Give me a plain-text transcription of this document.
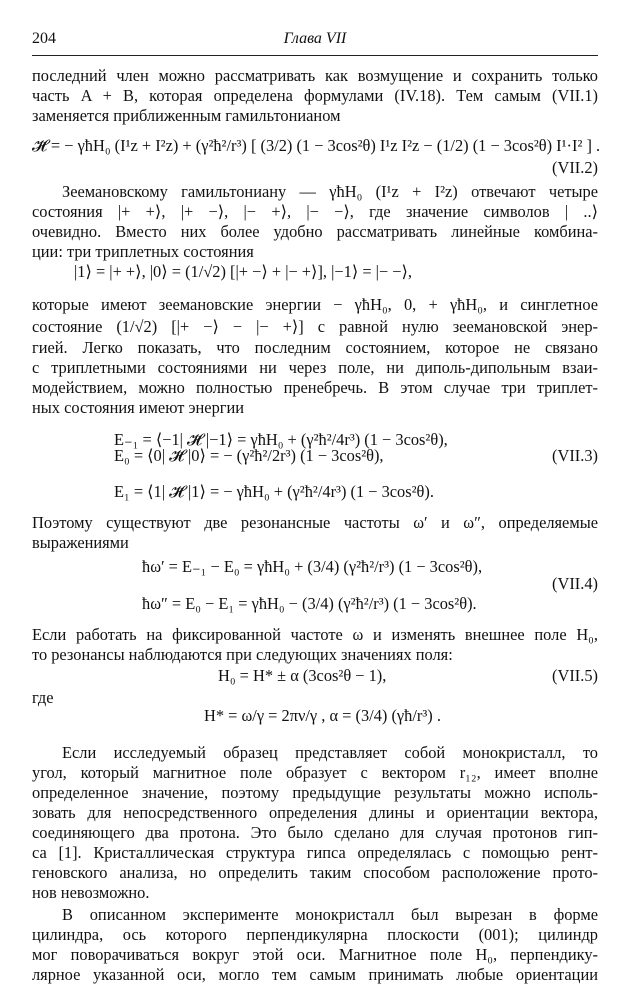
204	Глава VII
последний член можно рассматривать как возмущение и сохранить только
часть A + B, которая определена формулами (IV.18). Тем самым (VII.1)
заменяется приближенным гамильтонианом
𝓗̃ = − γħH₀ (I¹z + I²z) + (γ²ħ²/r³) [ (3/2) (1 − 3cos²θ) I¹z I²z − (1/2) (1 − 3cos²θ) I¹·I² ] .
(VII.2)
Зеемановскому гамильтониану — γħH₀ (I¹z + I²z) отвечают четыре
состояния |+ +⟩, |+ −⟩, |− +⟩, |− −⟩, где значение символов | ..⟩
очевидно. Вместо них более удобно рассматривать линейные комбина-
ции: три триплетных состояния
|1⟩ = |+ +⟩, |0⟩ = (1/√2) [|+ −⟩ + |− +⟩], |−1⟩ = |− −⟩,
которые имеют зеемановские энергии − γħH₀, 0, + γħH₀, и синглетное
состояние (1/√2) [|+ −⟩ − |− +⟩] с равной нулю зеемановской энер-
гией. Легко показать, что последним состоянием, которое не связано
с триплетными состояниями ни через поле, ни диполь-дипольным взаи-
модействием, можно полностью пренебречь. В этом случае три триплет-
ных состояния имеют энергии
E₋₁ = ⟨−1| 𝓗̃ |−1⟩ = γħH₀ + (γ²ħ²/4r³) (1 − 3cos²θ),
E₀ = ⟨0| 𝓗̃ |0⟩ = − (γ²ħ²/2r³) (1 − 3cos²θ),	(VII.3)
E₁ = ⟨1| 𝓗̃ |1⟩ = − γħH₀ + (γ²ħ²/4r³) (1 − 3cos²θ).
Поэтому существуют две резонансные частоты ω′ и ω″, определяемые
выражениями
ħω′ = E₋₁ − E₀ = γħH₀ + (3/4) (γ²ħ²/r³) (1 − 3cos²θ),
(VII.4)
ħω″ = E₀ − E₁ = γħH₀ − (3/4) (γ²ħ²/r³) (1 − 3cos²θ).
Если работать на фиксированной частоте ω и изменять внешнее поле H₀,
то резонансы наблюдаются при следующих значениях поля:
H₀ = H* ± α (3cos²θ − 1),	(VII.5)
где
H* = ω/γ = 2πν/γ , α = (3/4) (γħ/r³) .
Если исследуемый образец представляет собой монокристалл, то
угол, который магнитное поле образует с вектором r₁₂, имеет вполне
определенное значение, поэтому предыдущие результаты можно исполь-
зовать для непосредственного определения длины и ориентации вектора,
соединяющего два протона. Это было сделано для случая протонов гип-
са [1]. Кристаллическая структура гипса определялась с помощью рент-
геновского анализа, но определить таким способом расположение прото-
нов невозможно.
В описанном эксперименте монокристалл был вырезан в форме
цилиндра, ось которого перпендикулярна плоскости (001); цилиндр
мог поворачиваться вокруг этой оси. Магнитное поле H₀, перпендику-
лярное указанной оси, могло тем самым принимать любые ориентации
